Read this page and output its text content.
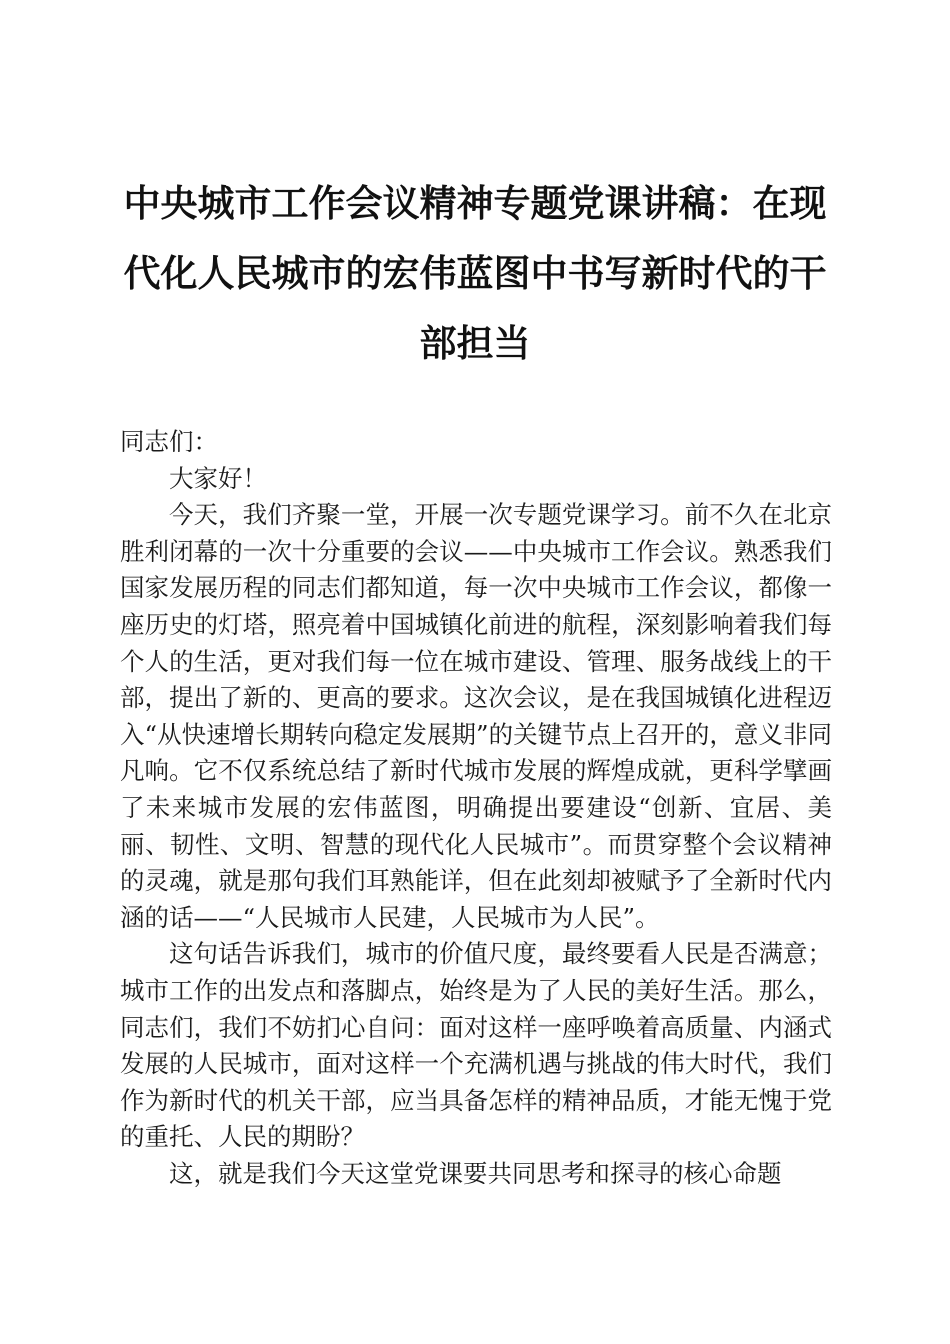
中央城市工作会议精神专题党课讲稿：在现代化人民城市的宏伟蓝图中书写新时代的干部担当

同志们：

大家好！

今天，我们齐聚一堂，开展一次专题党课学习。前不久在北京胜利闭幕的一次十分重要的会议——中央城市工作会议。熟悉我们国家发展历程的同志们都知道，每一次中央城市工作会议，都像一座历史的灯塔，照亮着中国城镇化前进的航程，深刻影响着我们每个人的生活，更对我们每一位在城市建设、管理、服务战线上的干部，提出了新的、更高的要求。这次会议，是在我国城镇化进程迈入“从快速增长期转向稳定发展期”的关键节点上召开的，意义非同凡响。它不仅系统总结了新时代城市发展的辉煌成就，更科学擘画了未来城市发展的宏伟蓝图，明确提出要建设“创新、宜居、美丽、韧性、文明、智慧的现代化人民城市”。而贯穿整个会议精神的灵魂，就是那句我们耳熟能详，但在此刻却被赋予了全新时代内涵的话——“人民城市人民建，人民城市为人民”。

这句话告诉我们，城市的价值尺度，最终要看人民是否满意；城市工作的出发点和落脚点，始终是为了人民的美好生活。那么，同志们，我们不妨扪心自问：面对这样一座呼唤着高质量、内涵式发展的人民城市，面对这样一个充满机遇与挑战的伟大时代，我们作为新时代的机关干部，应当具备怎样的精神品质，才能无愧于党的重托、人民的期盼？

这，就是我们今天这堂党课要共同思考和探寻的核心命题
